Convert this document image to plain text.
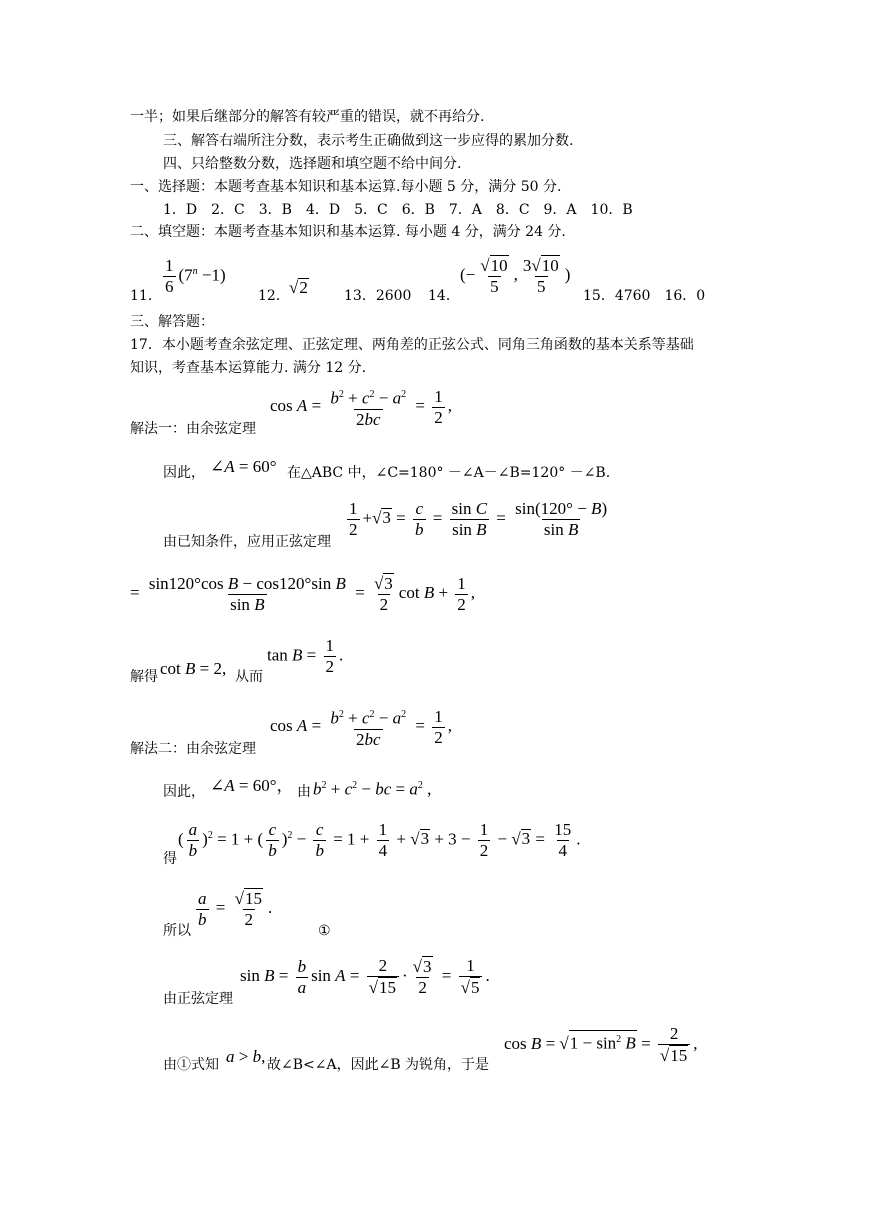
一半；如果后继部分的解答有较严重的错误，就不再给分.
三、解答右端所注分数，表示考生正确做到这一步应得的累加分数.
四、只给整数分数，选择题和填空题不给中间分.
一、选择题：本题考查基本知识和基本运算.每小题 5 分，满分 50 分.
1．D　2．C　3．B　4．D　5．C　6．B　7．A　8．C　9．A　10．B
二、填空题：本题考查基本知识和基本运算. 每小题 4 分，满分 24 分.
11． $\frac{1}{6} (7^n -1)$
12． √2	13．2600 14．
(− $\frac{√10}{5}$ , $\frac{3√10}{5}$ )
15．4760　16．0
三、解答题：
17．本小题考查余弦定理、正弦定理、两角差的正弦公式、同角三角函数的基本关系等基础
知识，考查基本运算能力. 满分 12 分.
解法一：由余弦定理
$\cos A = \frac{b^2 + c^2 - a^2}{2bc} = \frac{1}{2}$ ,
因此， ∠A = 60° 在△ABC 中，∠C=180° －∠A－∠B=120° －∠B.
由已知条件，应用正弦定理
$\frac{1}{2} +√3 = \frac{c}{b} = \frac{\text{sin C}}{\text{sin B}} = \frac{\sin(120^\circ - B)}{\text{sin B}}$
= $\frac{\text{sin120°cos B − cos120°sin B}}{\text{sin B}} = \frac{√3}{2}$ $\cot B + \frac{1}{2}$ ,
解得 cot B = 2, 从而
$\tan B = \frac{1}{2}$ .
解法二：由余弦定理
$\cos A = \frac{b^2 + c^2 - a^2}{2bc} = \frac{1}{2}$ ,
因此， ∠A = 60°， 由 $b^2 + c^2$ − bc = $a^2$ ,
得
( $\frac{a}{b} )^2 = 1$ + ( $\frac{c}{b} )^2 - \frac{c}{b} = 1 + \frac{1}{4} + √3 + 3 - \frac{1}{2} - √3 = \frac{15}{4}$ .
所以
$\frac{a}{b} = \frac{√15}{2}$ .
①
由正弦定理
$\sin B = \frac{b}{a}$ $\sin A = \frac{2}{√15} \cdot \frac{√3}{2} = \frac{1}{√5}$ .
由①式知 a > b, 故∠B<∠A，因此∠B 为锐角，于是
$\cos B = √1 - \sin^2 B = \frac{2}{√15}$ ,
